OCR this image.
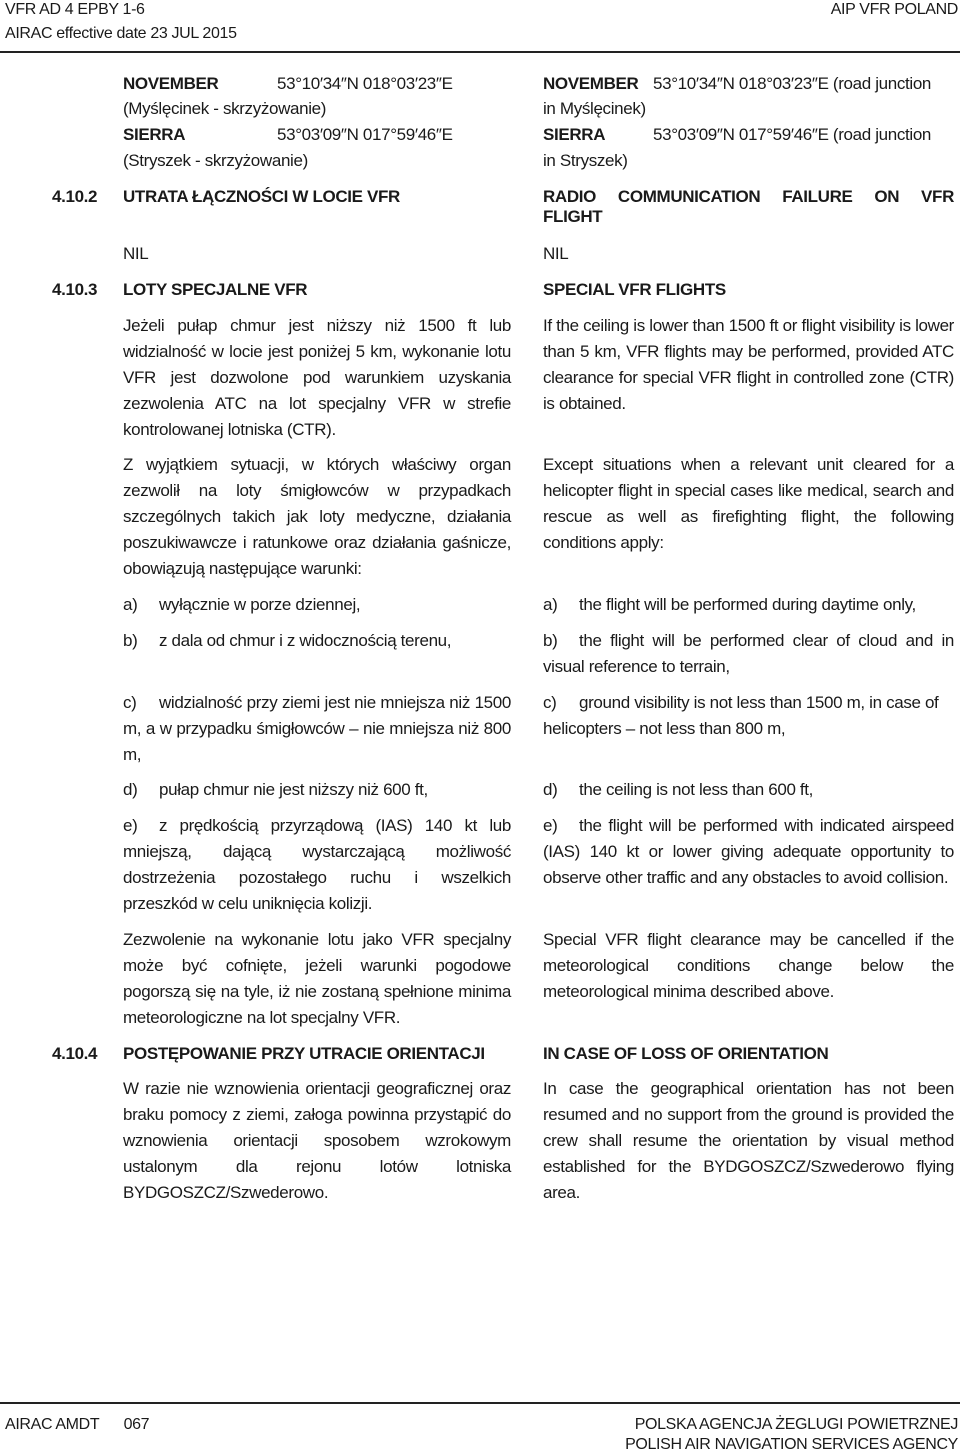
VFR AD 4 EPBY 1-6
AIRAC effective date 23 JUL 2015
AIP VFR POLAND
NOVEMBER	53°10′34″N 018°03′23″E
(Myślęcinek - skrzyżowanie)
SIERRA	53°03′09″N 017°59′46″E
(Stryszek - skrzyżowanie)
NOVEMBER 53°10′34″N 018°03′23″E (road junction
in Myślęcinek)
SIERRA	53°03′09″N 017°59′46″E (road junction
in Stryszek)
4.10.2 UTRATA ŁĄCZNOŚCI W LOCIE VFR	RADIO COMMUNICATION FAILURE ON VFR
FLIGHT
NIL	NIL
4.10.3 LOTY SPECJALNE VFR	SPECIAL VFR FLIGHTS
Jeżeli pułap chmur jest niższy niż 1500 ft lub widzialność w locie jest poniżej 5 km, wykonanie lotu VFR jest dozwolone pod warunkiem uzyskania zezwolenia ATC na lot specjalny VFR w strefie kontrolowanej lotniska (CTR).
If the ceiling is lower than 1500 ft or flight visibility is lower than 5 km, VFR flights may be performed, provided ATC clearance for special VFR flight in controlled zone (CTR) is obtained.
Z wyjątkiem sytuacji, w których właściwy organ zezwolił na loty śmigłowców w przypadkach szczególnych takich jak loty medyczne, działania poszukiwawcze i ratunkowe oraz działania gaśnicze, obowiązują następujące warunki:
Except situations when a relevant unit cleared for a helicopter flight in special cases like medical, search and rescue as well as firefighting flight, the following conditions apply:
a) wyłącznie w porze dziennej,	a) the flight will be performed during daytime only,
b) z dala od chmur i z widocznością terenu,	b) the flight will be performed clear of cloud and in visual reference to terrain,
c) widzialność przy ziemi jest nie mniejsza niż 1500 m, a w przypadku śmigłowców – nie mniejsza niż 800 m,
c) ground visibility is not less than 1500 m, in case of helicopters – not less than 800 m,
d) pułap chmur nie jest niższy niż 600 ft,	d) the ceiling is not less than 600 ft,
e) z prędkością przyrządową (IAS) 140 kt lub mniejszą, dającą wystarczającą możliwość dostrzeżenia pozostałego ruchu i wszelkich przeszkód w celu uniknięcia kolizji.
e) the flight will be performed with indicated airspeed (IAS) 140 kt or lower giving adequate opportunity to observe other traffic and any obstacles to avoid collision.
Zezwolenie na wykonanie lotu jako VFR specjalny może być cofnięte, jeżeli warunki pogodowe pogorszą się na tyle, iż nie zostaną spełnione minima meteorologiczne na lot specjalny VFR.
Special VFR flight clearance may be cancelled if the meteorological conditions change below the meteorological minima described above.
4.10.4 POSTĘPOWANIE PRZY UTRACIE ORIENTACJI	IN CASE OF LOSS OF ORIENTATION
W razie nie wznowienia orientacji geograficznej oraz braku pomocy z ziemi, załoga powinna przystąpić do wznowienia orientacji sposobem wzrokowym ustalonym dla rejonu lotów lotniska BYDGOSZCZ/Szwederowo.
In case the geographical orientation has not been resumed and no support from the ground is provided the crew shall resume the orientation by visual method established for the BYDGOSZCZ/Szwederowo flying area.
AIRAC AMDT      067	POLSKA AGENCJA ŻEGLUGI POWIETRZNEJ
POLISH AIR NAVIGATION SERVICES AGENCY
